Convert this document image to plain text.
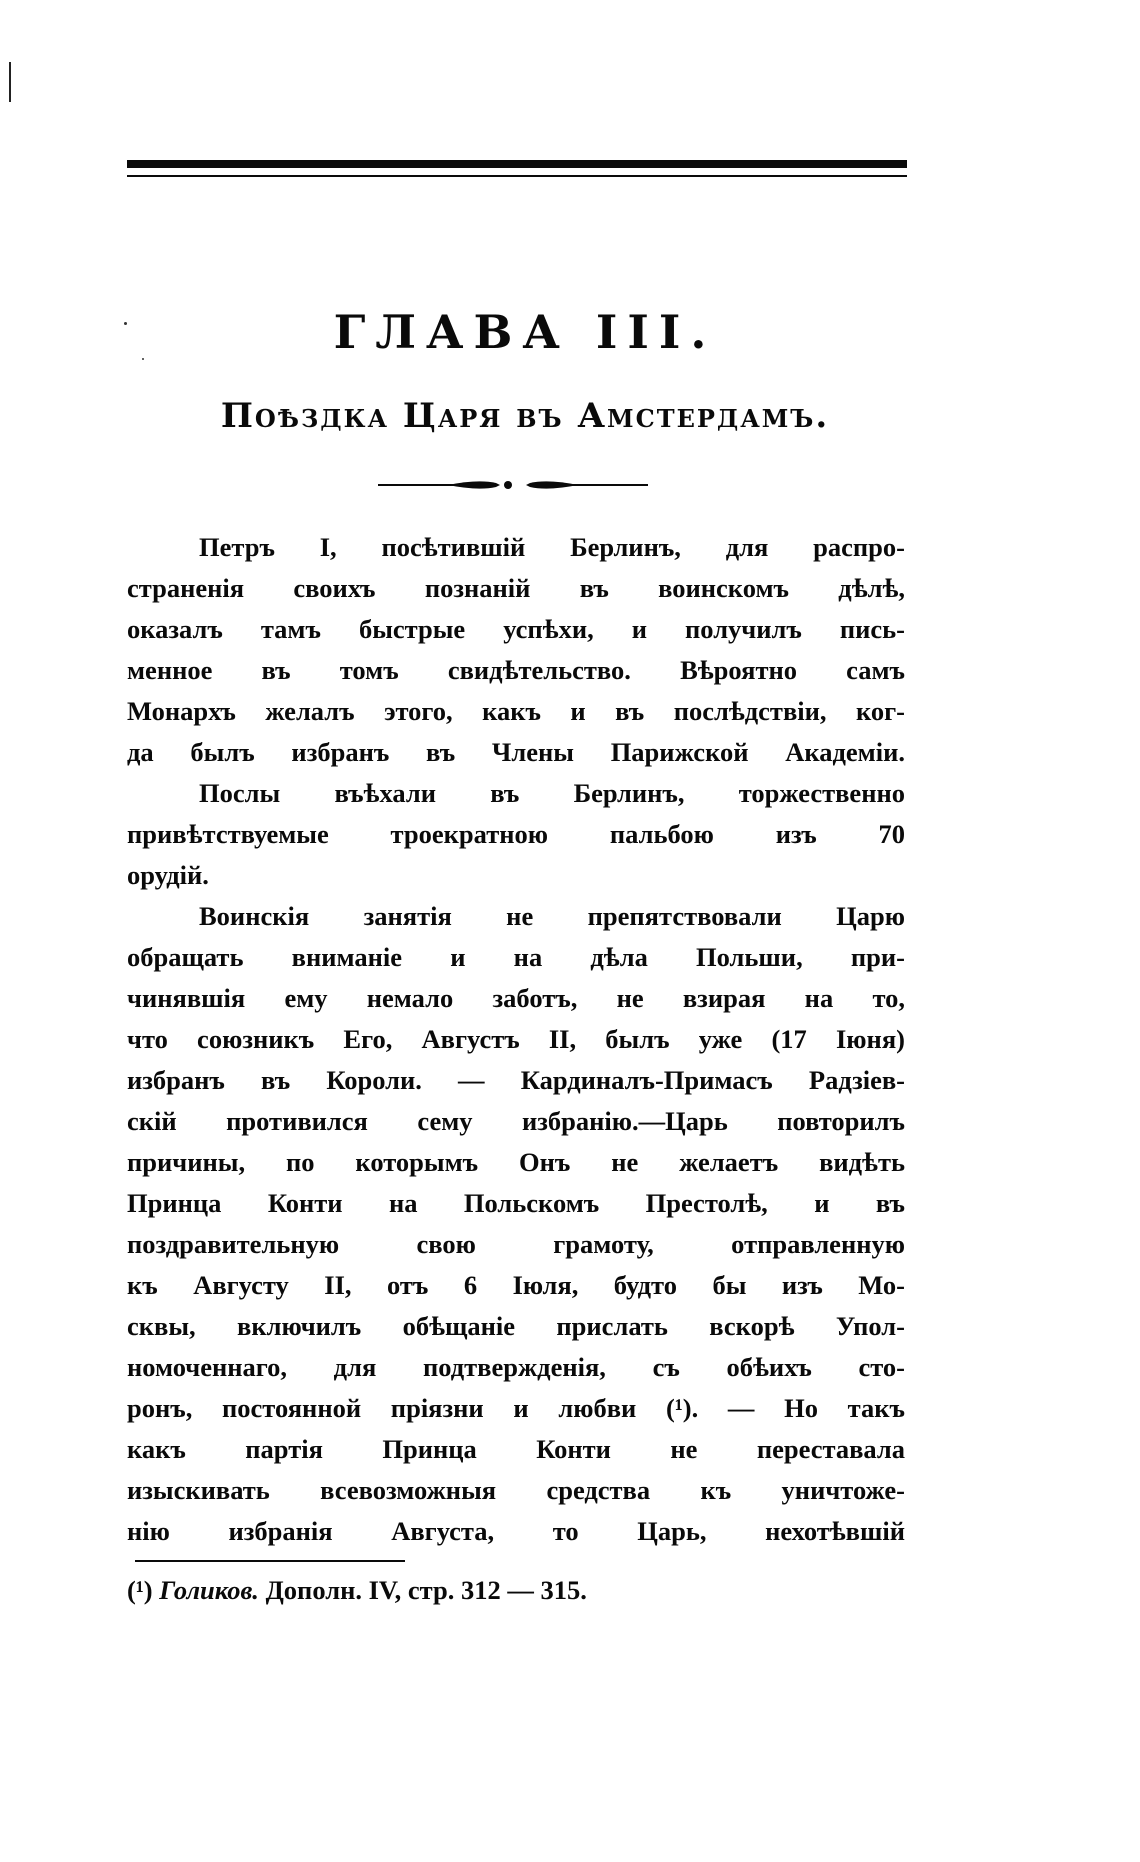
ГЛАВА III.
Поѣздка Царя въ Амстердамъ.
Петръ I, посѣтившій Берлинъ, для распро-
страненія своихъ познаній въ воинскомъ дѣлѣ,
оказалъ тамъ быстрые успѣхи, и получилъ пись-
менное въ томъ свидѣтельство. Вѣроятно самъ
Монархъ желалъ этого, какъ и въ послѣдствіи, ког-
да былъ избранъ въ Члены Парижской Академіи.
Послы въѣхали въ Берлинъ, торжественно
привѣтствуемые троекратною пальбою изъ 70
орудій.
Воинскія занятія не препятствовали Царю
обращать вниманіе и на дѣла Польши, при-
чинявшія ему немало заботъ, не взирая на то,
что союзникъ Его, Августъ II, былъ уже (17 Іюня)
избранъ въ Короли. — Кардиналъ-Примасъ Радзіев-
скій противился сему избранію.—Царь повторилъ
причины, по которымъ Онъ не желаетъ видѣть
Принца Конти на Польскомъ Престолѣ, и въ
поздравительную свою грамоту, отправленную
къ Августу II, отъ 6 Іюля, будто бы изъ Мо-
сквы, включилъ обѣщаніе прислать вскорѣ Упол-
номоченнаго, для подтвержденія, съ обѣихъ сто-
ронъ, постоянной пріязни и любви (¹). — Но такъ
какъ партія Принца Конти не переставала
изыскивать всевозможныя средства къ уничтоже-
нію избранія Августа, то Царь, нехотѣвшій
(¹) Голиков. Дополн. IV, стр. 312 — 315.
